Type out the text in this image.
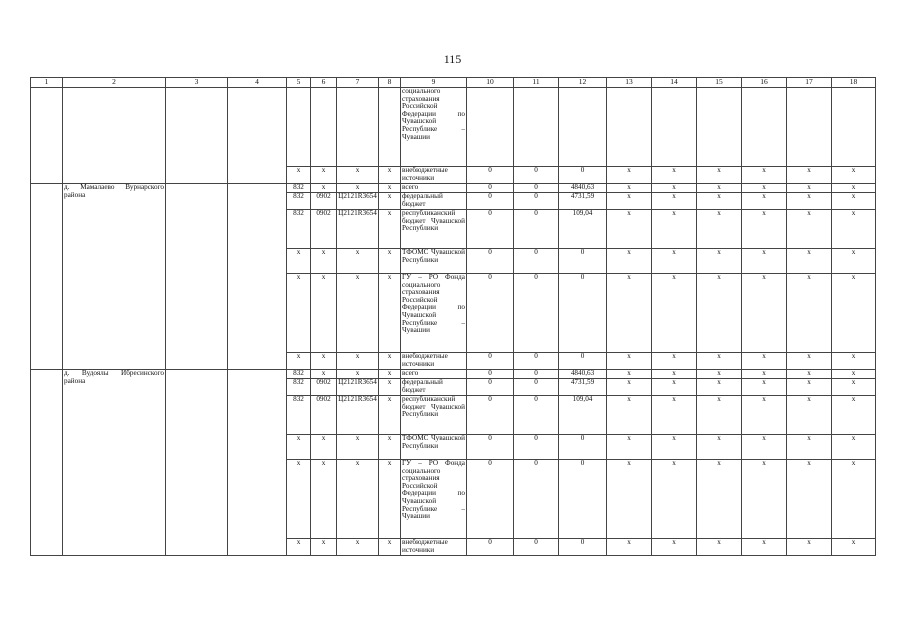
115
1	2	3	4	5	6	7	8	9	10	11	12	13	14	15	16	17	18
								социального страхования Российской Федерации по Чувашской Республике – Чувашии									
				x	x	x	x	внебюджетные источники	0	0	0	x	x	x	x	x	x
	д. Мамалаево Вурнарского района			832	x	x	x	всего	0	0	4840,63	x	x	x	x	x	x
				832	0902	Ц2121R3654	x	федеральный бюджет	0	0	4731,59	x	x	x	x	x	x
				832	0902	Ц2121R3654	x	республиканский бюджет Чувашской Республики	0	0	109,04	x	x	x	x	x	x
				x	x	x	x	ТФОМС Чувашской Республики	0	0	0	x	x	x	x	x	x
				x	x	x	x	ГУ – РО Фонда социального страхования Российской Федерации по Чувашской Республике – Чувашии	0	0	0	x	x	x	x	x	x
				x	x	x	x	внебюджетные источники	0	0	0	x	x	x	x	x	x
	д. Вудоялы Ибресинского района			832	x	x	x	всего	0	0	4840,63	x	x	x	x	x	x
				832	0902	Ц2121R3654	x	федеральный бюджет	0	0	4731,59	x	x	x	x	x	x
				832	0902	Ц2121R3654	x	республиканский бюджет Чувашской Республики	0	0	109,04	x	x	x	x	x	x
				x	x	x	x	ТФОМС Чувашской Республики	0	0	0	x	x	x	x	x	x
				x	x	x	x	ГУ – РО Фонда социального страхования Российской Федерации по Чувашской Республике – Чувашии	0	0	0	x	x	x	x	x	x
				x	x	x	x	внебюджетные источники	0	0	0	x	x	x	x	x	x
